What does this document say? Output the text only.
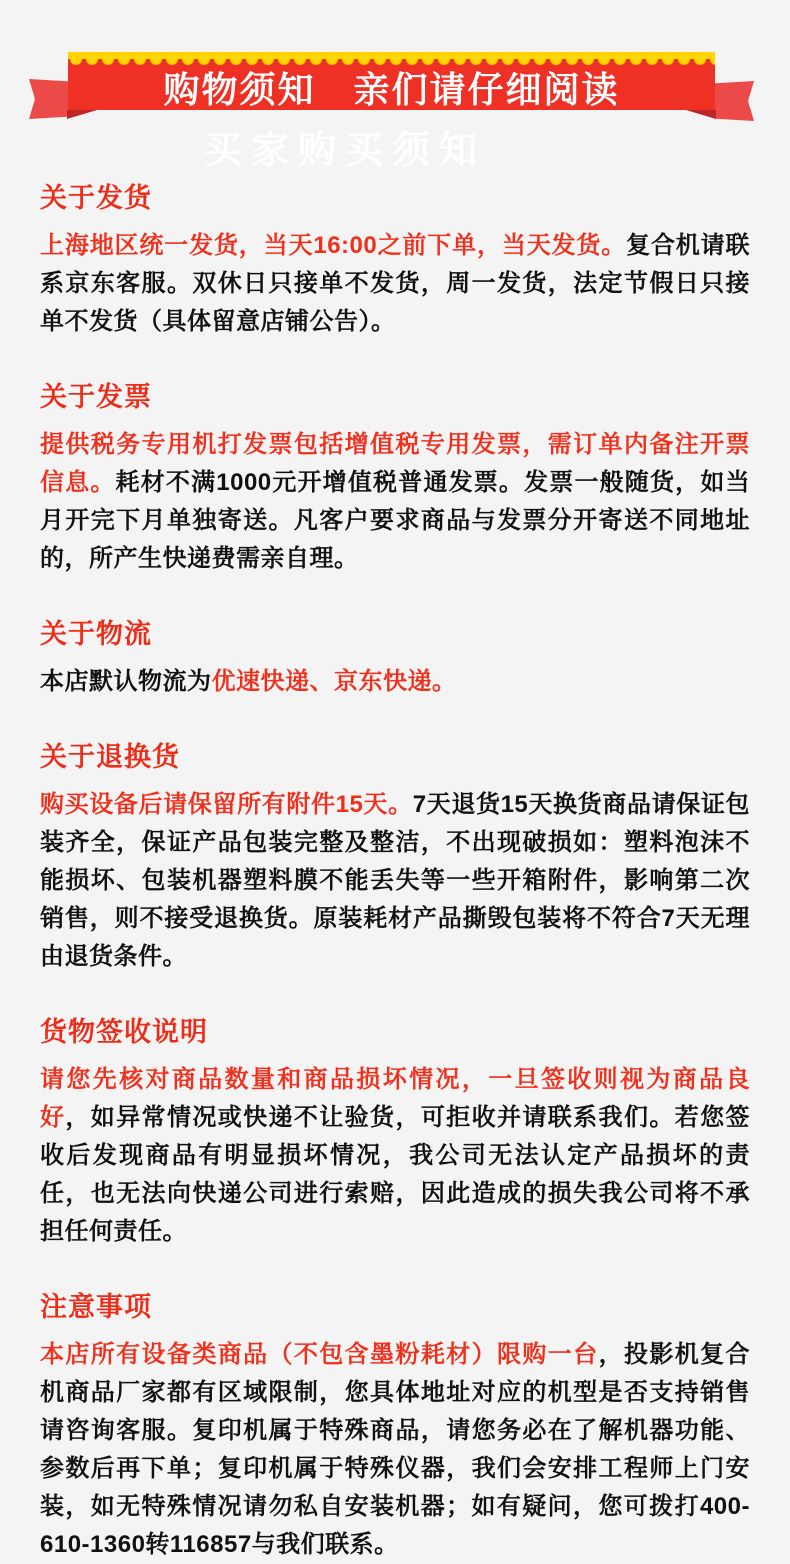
购物须知　亲们请仔细阅读
买家购买须知
关于发货

上海地区统一发货，当天16:00之前下单，当天发货。复合机请联系京东客服。双休日只接单不发货，周一发货，法定节假日只接单不发货（具体留意店铺公告）。

关于发票

提供税务专用机打发票包括增值税专用发票，需订单内备注开票信息。耗材不满1000元开增值税普通发票。发票一般随货，如当月开完下月单独寄送。凡客户要求商品与发票分开寄送不同地址的，所产生快递费需亲自理。

关于物流

本店默认物流为优速快递、京东快递。

关于退换货

购买设备后请保留所有附件15天。7天退货15天换货商品请保证包装齐全，保证产品包装完整及整洁，不出现破损如：塑料泡沫不能损坏、包装机器塑料膜不能丢失等一些开箱附件，影响第二次销售，则不接受退换货。原装耗材产品撕毁包装将不符合7天无理由退货条件。

货物签收说明

请您先核对商品数量和商品损坏情况，一旦签收则视为商品良好，如异常情况或快递不让验货，可拒收并请联系我们。若您签收后发现商品有明显损坏情况，我公司无法认定产品损坏的责任，也无法向快递公司进行索赔，因此造成的损失我公司将不承担任何责任。

注意事项

本店所有设备类商品（不包含墨粉耗材）限购一台，投影机复合机商品厂家都有区域限制，您具体地址对应的机型是否支持销售请咨询客服。复印机属于特殊商品，请您务必在了解机器功能、参数后再下单；复印机属于特殊仪器，我们会安排工程师上门安装，如无特殊情况请勿私自安装机器；如有疑问，您可拨打400-610-1360转116857与我们联系。
